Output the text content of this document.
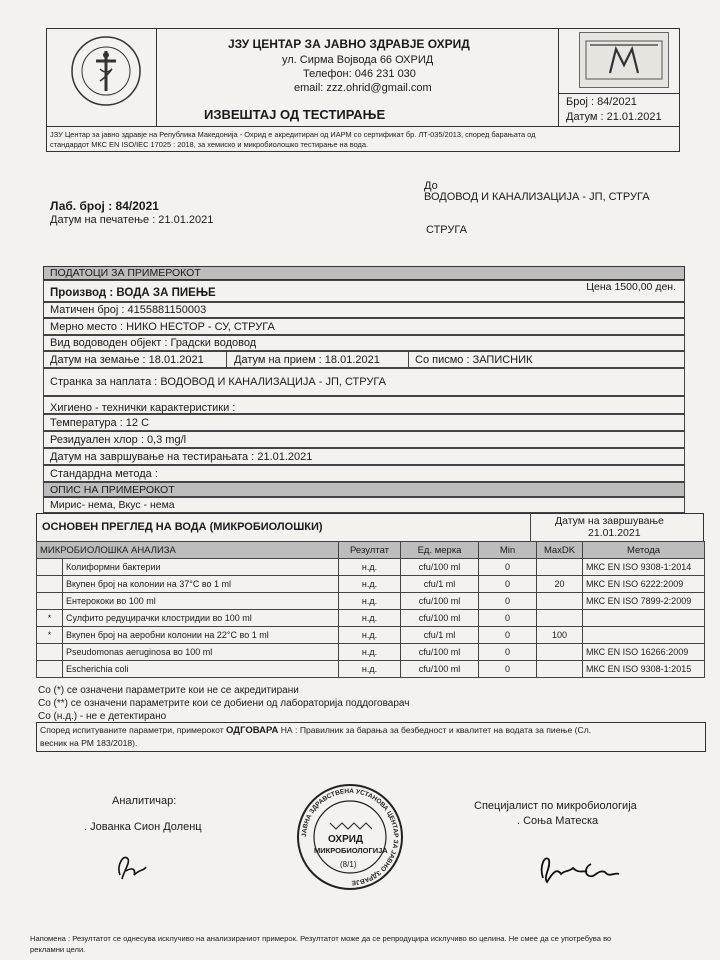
ЈЗУ ЦЕНТАР ЗА ЈАВНО ЗДРАВЈЕ ОХРИД
ул. Сирма Војвода 66 ОХРИД
Телефон: 046 231 030
email: zzz.ohrid@gmail.com
ИЗВЕШТАЈ ОД ТЕСТИРАЊЕ
Број : 84/2021
Датум : 21.01.2021
ЈЗУ Центар за јавно здравје на Република Македонија - Охрид е акредитиран од ИАРМ со сертификат бр. ЛТ-035/2013, според барањата од
стандардот МКС EN ISO/IEC 17025 : 2018, за хемиско и микробиолошко тестирање на вода.
Лаб. број : 84/2021
Датум на печатење : 21.01.2021
До
ВОДОВОД И КАНАЛИЗАЦИЈА - ЈП, СТРУГА
СТРУГА
ПОДАТОЦИ ЗА ПРИМЕРОКОТ
Производ : ВОДА ЗА ПИЕЊЕ	Цена 1500,00 ден.
Матичен број : 4155881150003
Мерно место : НИКО НЕСТОР - СУ, СТРУГА
Вид водоводен објект : Градски водовод
Датум на земање : 18.01.2021	Датум на прием : 18.01.2021	Со писмо : ЗАПИСНИК
Странка за наплата : ВОДОВОД И КАНАЛИЗАЦИЈА - ЈП, СТРУГА
Хигиено - технички карактеристики :
Температура : 12 C
Резидуален хлор : 0,3 mg/l
Датум на завршување на тестирањата : 21.01.2021
Стандардна метода :
ОПИС НА ПРИМЕРОКОТ
Мирис- нема, Вкус - нема
ОСНОВЕН ПРЕГЛЕД НА ВОДА (МИКРОБИОЛОШКИ)	Датум на завршување
21.01.2021
МИКРОБИОЛОШКА АНАЛИЗА		Резултат	Ед. мерка	Min	MaxDK	Метода
	Колиформни бактерии	н.д.	cfu/100 ml	0		МКС EN ISO 9308-1:2014
	Вкупен број на колонии на 37°C во 1 ml	н.д.	cfu/1 ml	0	20	МКС EN ISO 6222:2009
	Ентерококи во 100 ml	н.д.	cfu/100 ml	0		МКС EN ISO 7899-2:2009
*	Сулфито редуцирачки клостридии во 100 ml	н.д.	cfu/100 ml	0		
*	Вкупен број на аеробни колонии на 22°C во 1 ml	н.д.	cfu/1 ml	0	100	
	Pseudomonas aeruginosa во 100 ml	н.д.	cfu/100 ml	0		МКС EN ISO 16266:2009
	Escherichia coli	н.д.	cfu/100 ml	0		МКС EN ISO 9308-1:2015
Со (*) се означени параметрите кои не се акредитирани
Со (**) се означени параметрите кои се добиени од лабораторија поддоговарач
Со (н.д.) - не е детектирано
Според испитуваните параметри, примерокот ОДГОВАРА НА : Правилник за барања за безбедност и квалитет на водата за пиење (Сл.
весник на РМ 183/2018).
Аналитичар:
. Јованка Сион Доленц
Специјалист по микробиологија
. Соња Матеска
ЈАВНА ЗДРАВСТВЕНА УСТАНОВА ЦЕНТАР ЗА ЈАВНО ЗДРАВЈЕ
ОХРИД
МИКРОБИОЛОГИЈА
(8/1)
Напомена : Резултатот се однесува исклучиво на анализираниот примерок. Резултатот може да се репродуцира исклучиво во целина. Не смее да се употребува во
рекламни цели.
